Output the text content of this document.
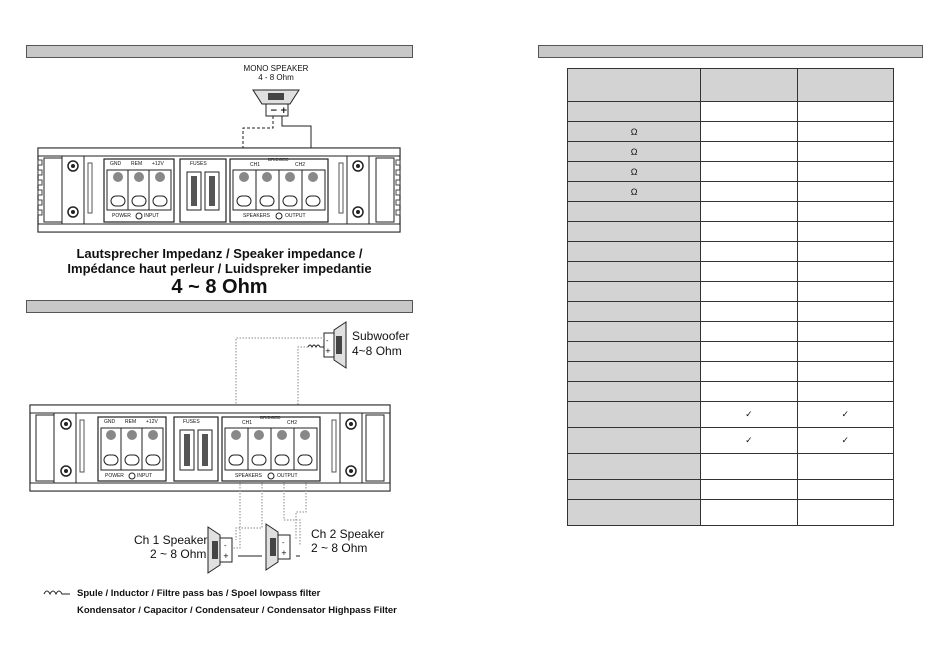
MONO SPEAKER
4 - 8 Ohm
− +
GND REM +12V	FUSES
BRIDGED
CH1	CH2
POWER	INPUT	SPEAKERS	OUTPUT
Lautsprecher Impedanz / Speaker impedance /
Impédance haut perleur / Luidspreker impedantie
4 ~ 8 Ohm
-
+
-
+
-
+
GND REM +12V	FUSES
BRIDGED
CH1	CH2
POWER	INPUT	SPEAKERS	OUTPUT
Subwoofer
4~8 Ohm
Ch 1 Speaker
2 ~ 8 Ohm
Ch 2 Speaker
2 ~ 8 Ohm
Spule / Inductor / Filtre pass bas / Spoel lowpass filter
Kondensator / Capacitor / Condensateur / Condensator Highpass Filter

Ω		
Ω		
Ω		
Ω		

	✓	✓
	✓	✓
